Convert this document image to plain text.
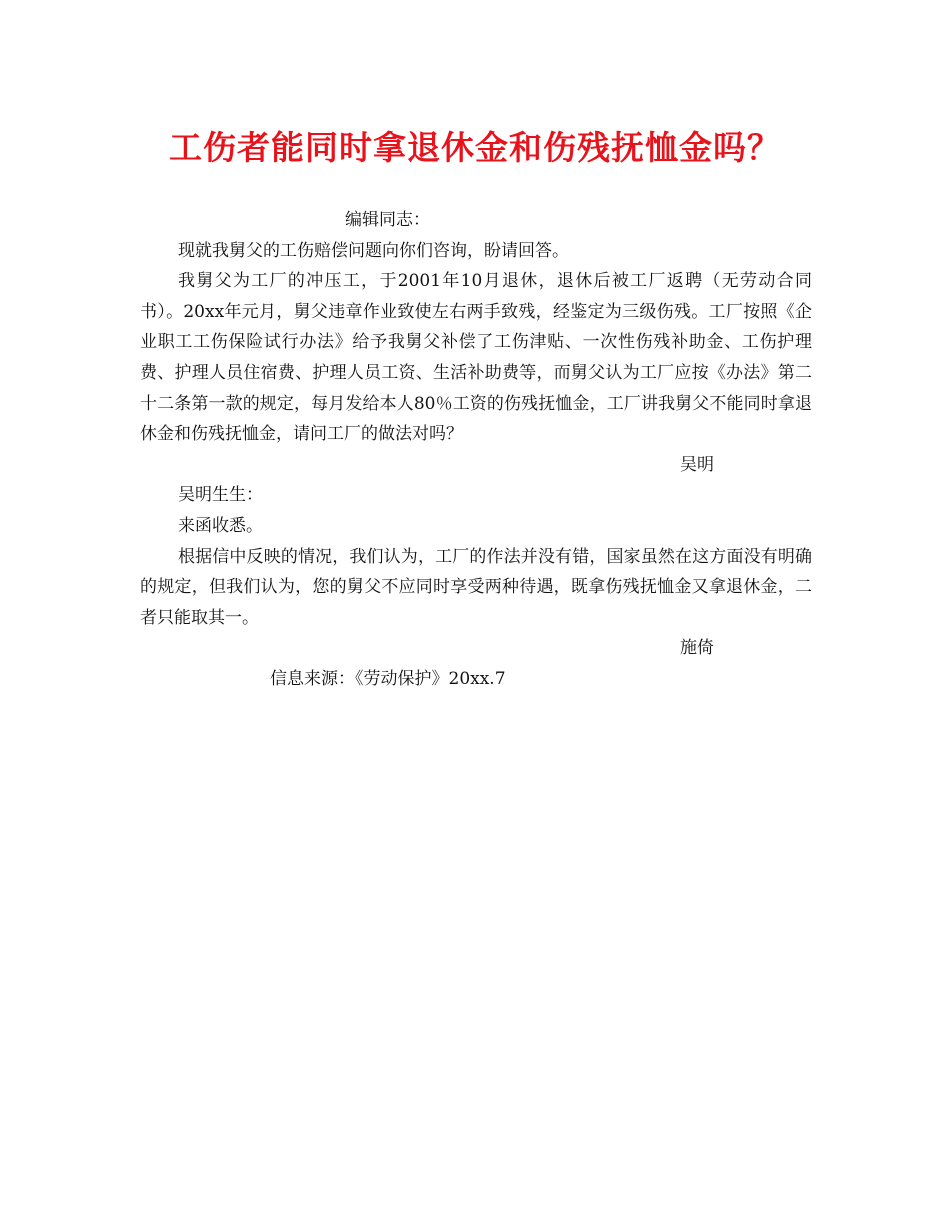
工伤者能同时拿退休金和伤残抚恤金吗？

编辑同志：

现就我舅父的工伤赔偿问题向你们咨询，盼请回答。

我舅父为工厂的冲压工，于2001年10月退休，退休后被工厂返聘（无劳动合同书）。20xx年元月，舅父违章作业致使左右两手致残，经鉴定为三级伤残。工厂按照《企业职工工伤保险试行办法》给予我舅父补偿了工伤津贴、一次性伤残补助金、工伤护理费、护理人员住宿费、护理人员工资、生活补助费等，而舅父认为工厂应按《办法》第二十二条第一款的规定，每月发给本人80％工资的伤残抚恤金，工厂讲我舅父不能同时拿退休金和伤残抚恤金，请问工厂的做法对吗？

吴明

吴明生生：

来函收悉。

根据信中反映的情况，我们认为，工厂的作法并没有错，国家虽然在这方面没有明确的规定，但我们认为，您的舅父不应同时享受两种待遇，既拿伤残抚恤金又拿退休金，二者只能取其一。

施倚

信息来源：《劳动保护》20xx.7
